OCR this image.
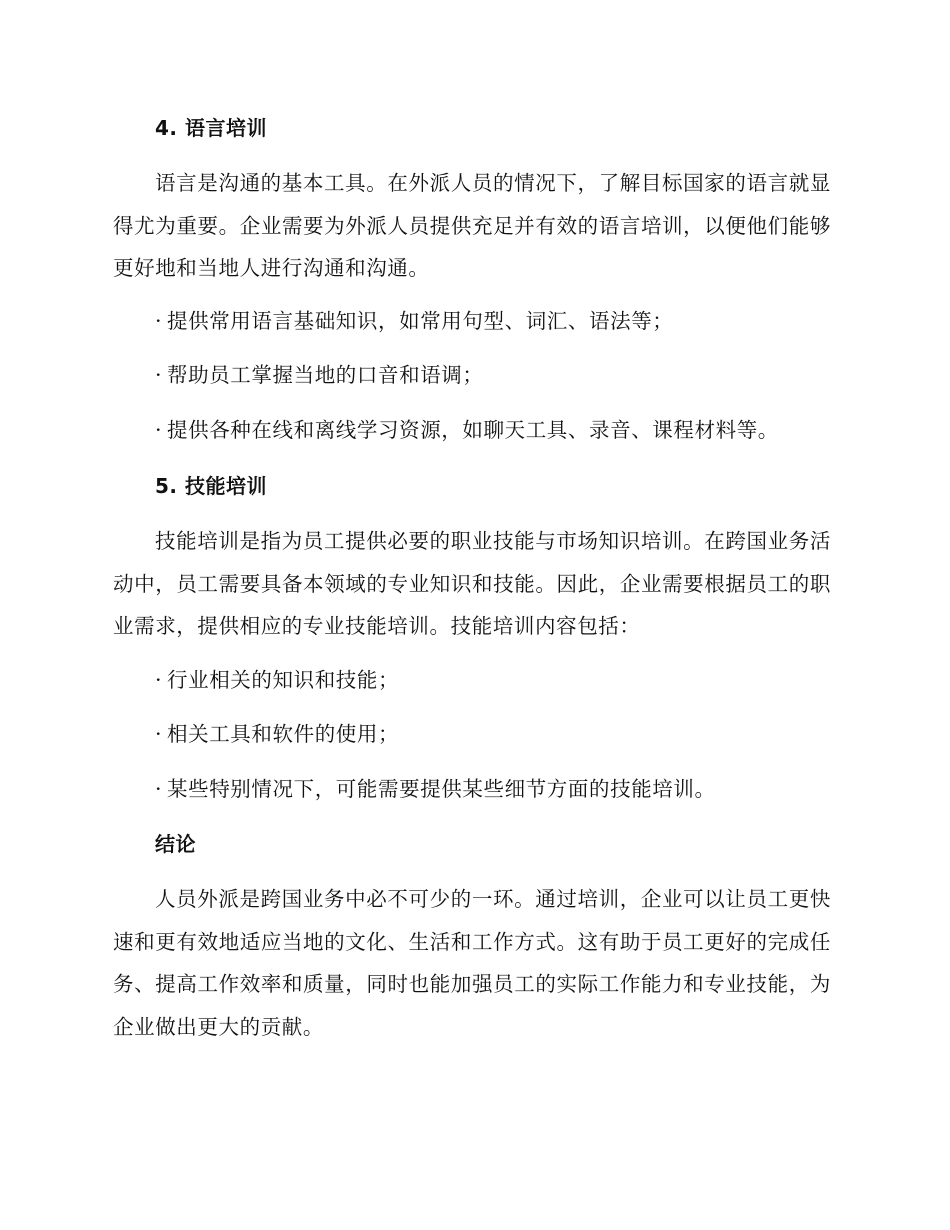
4. 语言培训

语言是沟通的基本工具。在外派人员的情况下，了解目标国家的语言就显得尤为重要。企业需要为外派人员提供充足并有效的语言培训，以便他们能够更好地和当地人进行沟通和沟通。

· 提供常用语言基础知识，如常用句型、词汇、语法等；
· 帮助员工掌握当地的口音和语调；
· 提供各种在线和离线学习资源，如聊天工具、录音、课程材料等。
5. 技能培训

技能培训是指为员工提供必要的职业技能与市场知识培训。在跨国业务活动中，员工需要具备本领域的专业知识和技能。因此，企业需要根据员工的职业需求，提供相应的专业技能培训。技能培训内容包括：

· 行业相关的知识和技能；
· 相关工具和软件的使用；
· 某些特别情况下，可能需要提供某些细节方面的技能培训。
结论

人员外派是跨国业务中必不可少的一环。通过培训，企业可以让员工更快速和更有效地适应当地的文化、生活和工作方式。这有助于员工更好的完成任务、提高工作效率和质量，同时也能加强员工的实际工作能力和专业技能，为企业做出更大的贡献。
